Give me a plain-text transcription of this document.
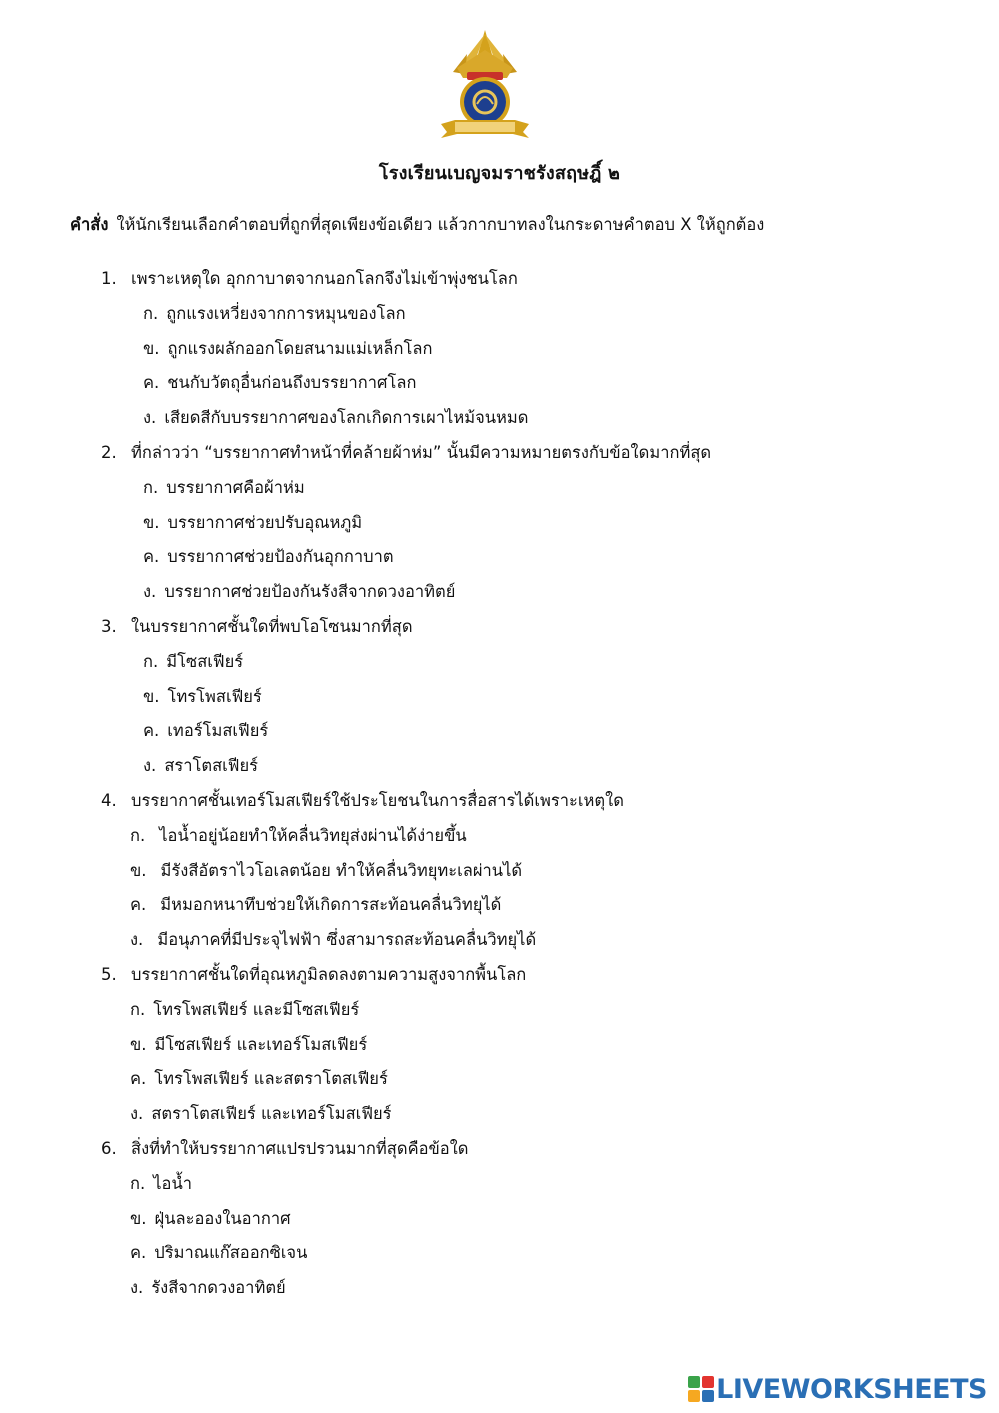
โรงเรียนเบญจมราชรังสฤษฎิ์ ๒
คำสั่ง ให้นักเรียนเลือกคำตอบที่ถูกที่สุดเพียงข้อเดียว แล้วกากบาทลงในกระดาษคำตอบ X ให้ถูกต้อง
1. เพราะเหตุใด อุกกาบาตจากนอกโลกจึงไม่เข้าพุ่งชนโลก
ก. ถูกแรงเหวี่ยงจากการหมุนของโลก
ข. ถูกแรงผลักออกโดยสนามแม่เหล็กโลก
ค. ชนกับวัตถุอื่นก่อนถึงบรรยากาศโลก
ง. เสียดสีกับบรรยากาศของโลกเกิดการเผาไหม้จนหมด
2. ที่กล่าวว่า “บรรยากาศทำหน้าที่คล้ายผ้าห่ม” นั้นมีความหมายตรงกับข้อใดมากที่สุด
ก. บรรยากาศคือผ้าห่ม
ข. บรรยากาศช่วยปรับอุณหภูมิ
ค. บรรยากาศช่วยป้องกันอุกกาบาต
ง. บรรยากาศช่วยป้องกันรังสีจากดวงอาทิตย์
3. ในบรรยากาศชั้นใดที่พบโอโซนมากที่สุด
ก. มีโซสเฟียร์
ข. โทรโพสเฟียร์
ค. เทอร์โมสเฟียร์
ง. สราโตสเฟียร์
4. บรรยากาศชั้นเทอร์โมสเฟียร์ใช้ประโยชนในการสื่อสารได้เพราะเหตุใด
ก. ไอน้ำอยู่น้อยทำให้คลื่นวิทยุส่งผ่านได้ง่ายขึ้น
ข. มีรังสีอัตราไวโอเลตน้อย ทำให้คลื่นวิทยุทะเลผ่านได้
ค. มีหมอกหนาทึบช่วยให้เกิดการสะท้อนคลื่นวิทยุได้
ง. มีอนุภาคที่มีประจุไฟฟ้า ซึ่งสามารถสะท้อนคลื่นวิทยุได้
5. บรรยากาศชั้นใดที่อุณหภูมิลดลงตามความสูงจากพื้นโลก
ก. โทรโพสเฟียร์ และมีโซสเฟียร์
ข. มีโซสเฟียร์ และเทอร์โมสเฟียร์
ค. โทรโพสเฟียร์ และสตราโตสเฟียร์
ง. สตราโตสเฟียร์ และเทอร์โมสเฟียร์
6. สิ่งที่ทำให้บรรยากาศแปรปรวนมากที่สุดคือข้อใด
ก. ไอน้ำ
ข. ฝุ่นละอองในอากาศ
ค. ปริมาณแก๊สออกซิเจน
ง. รังสีจากดวงอาทิตย์
LIVEWORKSHEETS
